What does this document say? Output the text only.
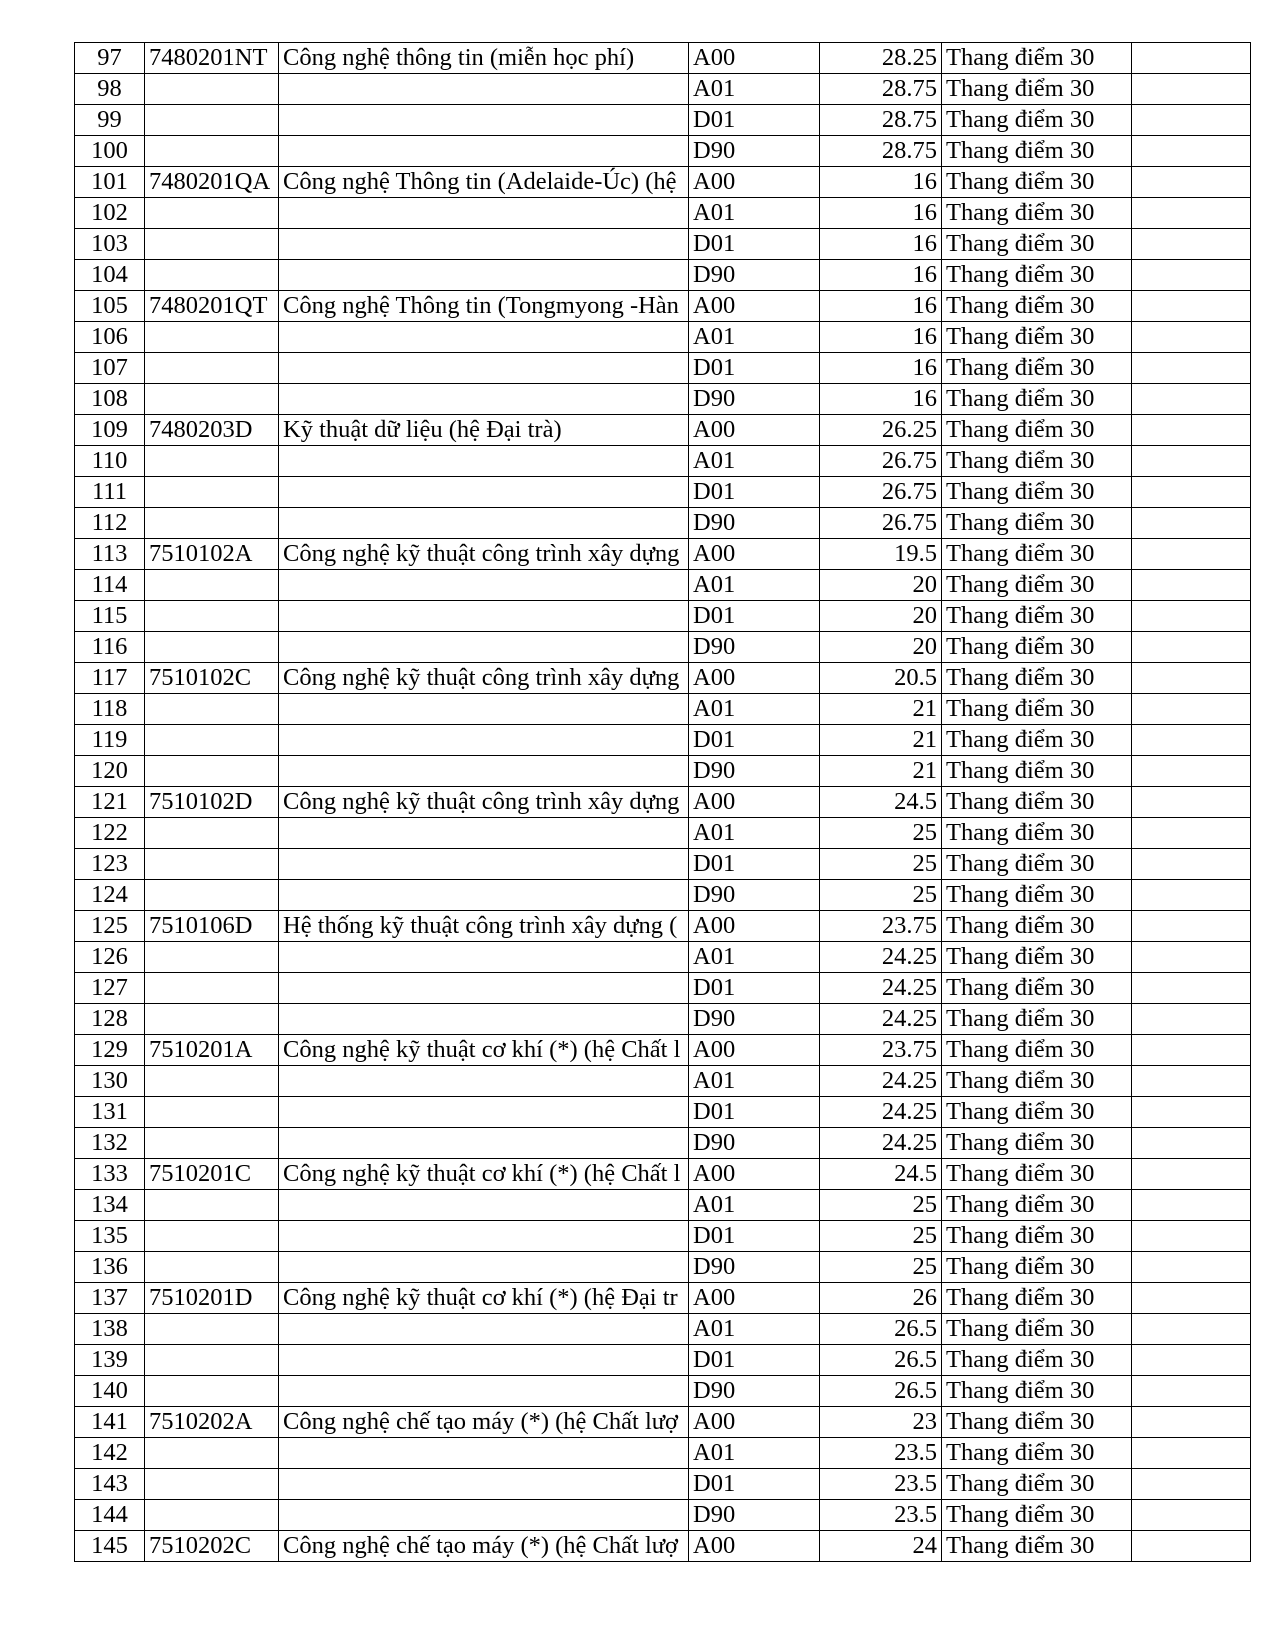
97	7480201NT	Công nghệ thông tin (miễn học phí)	A00	28.25	Thang điểm 30	
98			A01	28.75	Thang điểm 30	
99			D01	28.75	Thang điểm 30	
100			D90	28.75	Thang điểm 30	
101	7480201QA	Công nghệ Thông tin (Adelaide-Úc) (hệ	A00	16	Thang điểm 30	
102			A01	16	Thang điểm 30	
103			D01	16	Thang điểm 30	
104			D90	16	Thang điểm 30	
105	7480201QT	Công nghệ Thông tin (Tongmyong -Hàn	A00	16	Thang điểm 30	
106			A01	16	Thang điểm 30	
107			D01	16	Thang điểm 30	
108			D90	16	Thang điểm 30	
109	7480203D	Kỹ thuật dữ liệu (hệ Đại trà)	A00	26.25	Thang điểm 30	
110			A01	26.75	Thang điểm 30	
111			D01	26.75	Thang điểm 30	
112			D90	26.75	Thang điểm 30	
113	7510102A	Công nghệ kỹ thuật công trình xây dựng	A00	19.5	Thang điểm 30	
114			A01	20	Thang điểm 30	
115			D01	20	Thang điểm 30	
116			D90	20	Thang điểm 30	
117	7510102C	Công nghệ kỹ thuật công trình xây dựng	A00	20.5	Thang điểm 30	
118			A01	21	Thang điểm 30	
119			D01	21	Thang điểm 30	
120			D90	21	Thang điểm 30	
121	7510102D	Công nghệ kỹ thuật công trình xây dựng	A00	24.5	Thang điểm 30	
122			A01	25	Thang điểm 30	
123			D01	25	Thang điểm 30	
124			D90	25	Thang điểm 30	
125	7510106D	Hệ thống kỹ thuật công trình xây dựng (	A00	23.75	Thang điểm 30	
126			A01	24.25	Thang điểm 30	
127			D01	24.25	Thang điểm 30	
128			D90	24.25	Thang điểm 30	
129	7510201A	Công nghệ kỹ thuật cơ khí (*) (hệ Chất l	A00	23.75	Thang điểm 30	
130			A01	24.25	Thang điểm 30	
131			D01	24.25	Thang điểm 30	
132			D90	24.25	Thang điểm 30	
133	7510201C	Công nghệ kỹ thuật cơ khí (*) (hệ Chất l	A00	24.5	Thang điểm 30	
134			A01	25	Thang điểm 30	
135			D01	25	Thang điểm 30	
136			D90	25	Thang điểm 30	
137	7510201D	Công nghệ kỹ thuật cơ khí (*) (hệ Đại tr	A00	26	Thang điểm 30	
138			A01	26.5	Thang điểm 30	
139			D01	26.5	Thang điểm 30	
140			D90	26.5	Thang điểm 30	
141	7510202A	Công nghệ chế tạo máy (*) (hệ Chất lượ	A00	23	Thang điểm 30	
142			A01	23.5	Thang điểm 30	
143			D01	23.5	Thang điểm 30	
144			D90	23.5	Thang điểm 30	
145	7510202C	Công nghệ chế tạo máy (*) (hệ Chất lượ	A00	24	Thang điểm 30	
